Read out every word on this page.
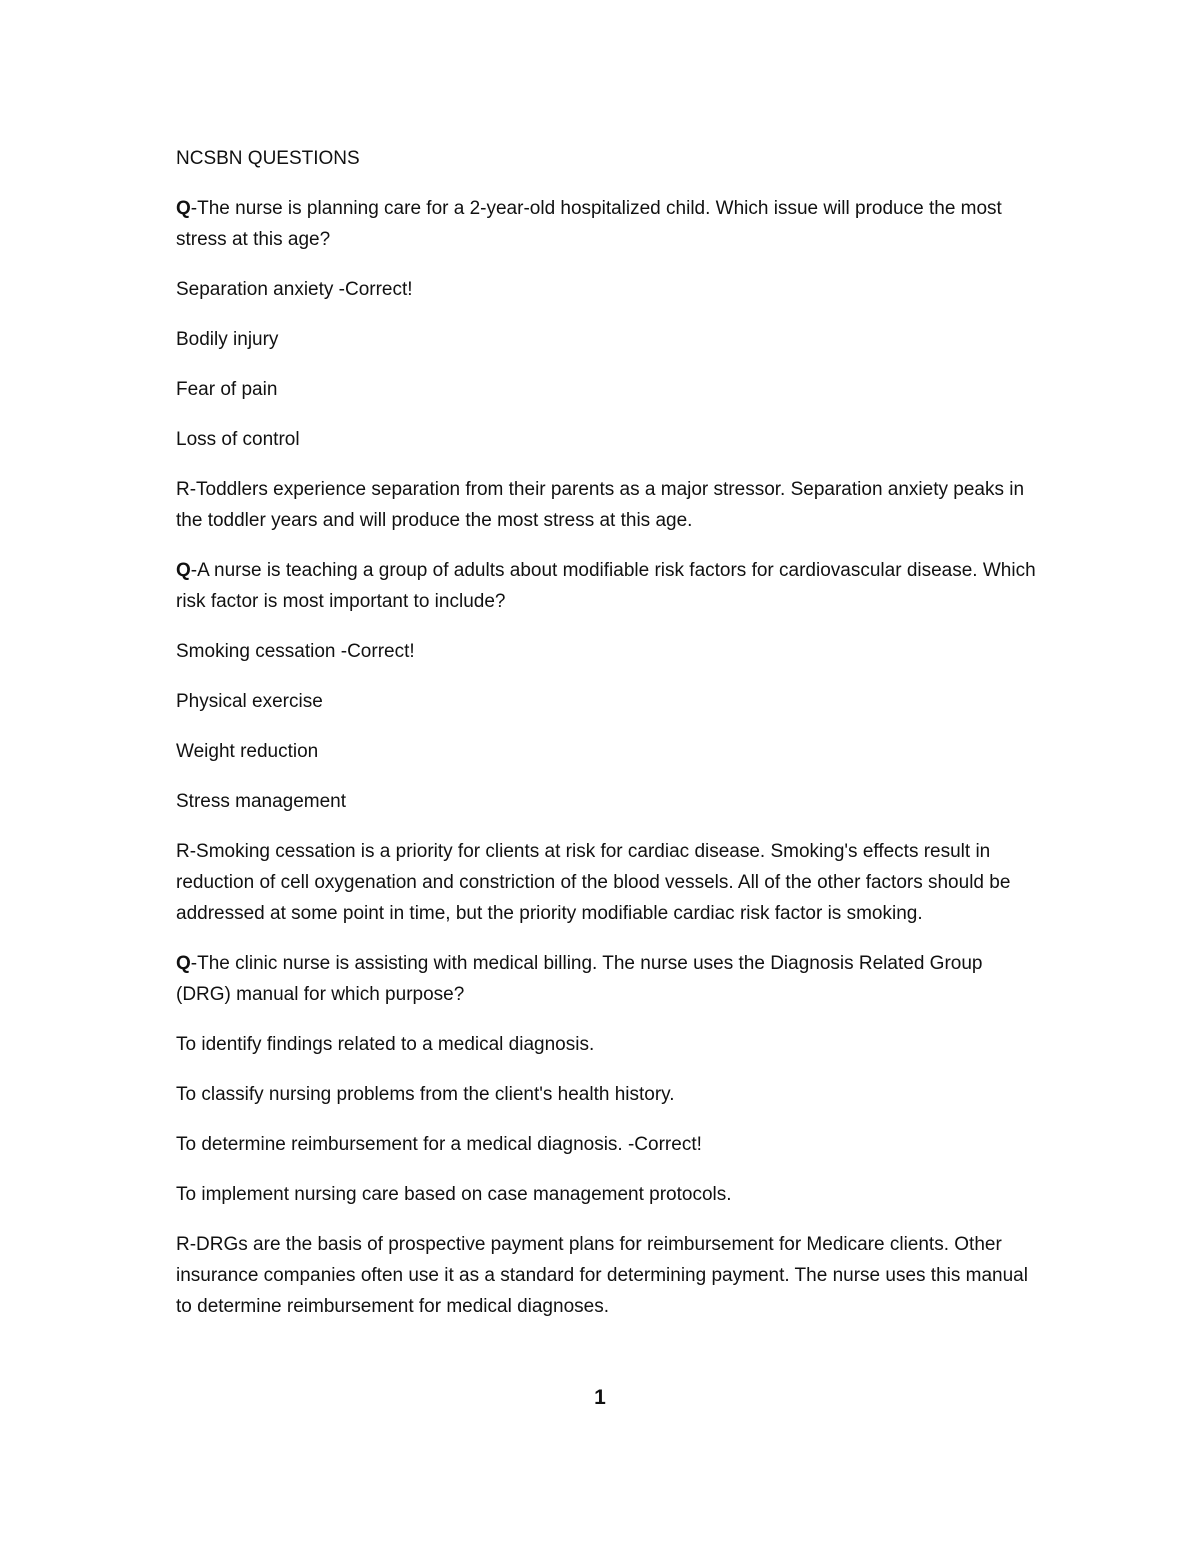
NCSBN QUESTIONS

Q-The nurse is planning care for a 2-year-old hospitalized child. Which issue will produce the most stress at this age?

Separation anxiety -Correct!

Bodily injury

Fear of pain

Loss of control

R-Toddlers experience separation from their parents as a major stressor. Separation anxiety peaks in the toddler years and will produce the most stress at this age.

Q-A nurse is teaching a group of adults about modifiable risk factors for cardiovascular disease. Which risk factor is most important to include?

Smoking cessation -Correct!

Physical exercise

Weight reduction

Stress management

R-Smoking cessation is a priority for clients at risk for cardiac disease. Smoking's effects result in reduction of cell oxygenation and constriction of the blood vessels. All of the other factors should be addressed at some point in time, but the priority modifiable cardiac risk factor is smoking.

Q-The clinic nurse is assisting with medical billing. The nurse uses the Diagnosis Related Group (DRG) manual for which purpose?

To identify findings related to a medical diagnosis.

To classify nursing problems from the client's health history.

To determine reimbursement for a medical diagnosis. -Correct!

To implement nursing care based on case management protocols.

R-DRGs are the basis of prospective payment plans for reimbursement for Medicare clients. Other insurance companies often use it as a standard for determining payment. The nurse uses this manual to determine reimbursement for medical diagnoses.

1
